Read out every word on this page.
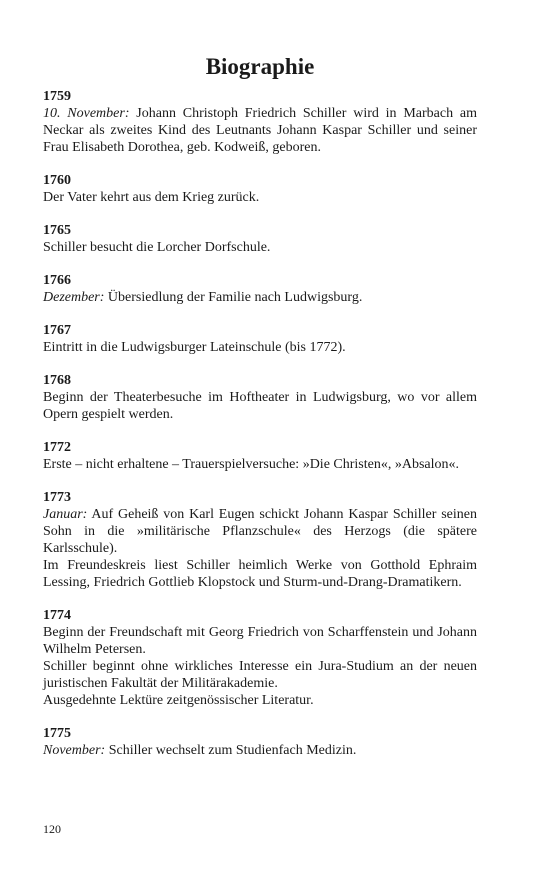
Biographie
1759
10. November: Johann Christoph Friedrich Schiller wird in Marbach am Neckar als zweites Kind des Leutnants Johann Kaspar Schiller und seiner Frau Elisabeth Dorothea, geb. Kodweiß, geboren.
1760
Der Vater kehrt aus dem Krieg zurück.
1765
Schiller besucht die Lorcher Dorfschule.
1766
Dezember: Übersiedlung der Familie nach Ludwigsburg.
1767
Eintritt in die Ludwigsburger Lateinschule (bis 1772).
1768
Beginn der Theaterbesuche im Hoftheater in Ludwigsburg, wo vor allem Opern gespielt werden.
1772
Erste – nicht erhaltene – Trauerspielversuche: »Die Christen«, »Absalon«.
1773
Januar: Auf Geheiß von Karl Eugen schickt Johann Kaspar Schiller seinen Sohn in die »militärische Pflanzschule« des Herzogs (die spätere Karlsschule).
Im Freundeskreis liest Schiller heimlich Werke von Gotthold Ephraim Lessing, Friedrich Gottlieb Klopstock und Sturm-und-Drang-Dramatikern.
1774
Beginn der Freundschaft mit Georg Friedrich von Scharffenstein und Johann Wilhelm Petersen.
Schiller beginnt ohne wirkliches Interesse ein Jura-Studium an der neuen juristischen Fakultät der Militärakademie.
Ausgedehnte Lektüre zeitgenössischer Literatur.
1775
November: Schiller wechselt zum Studienfach Medizin.
120
